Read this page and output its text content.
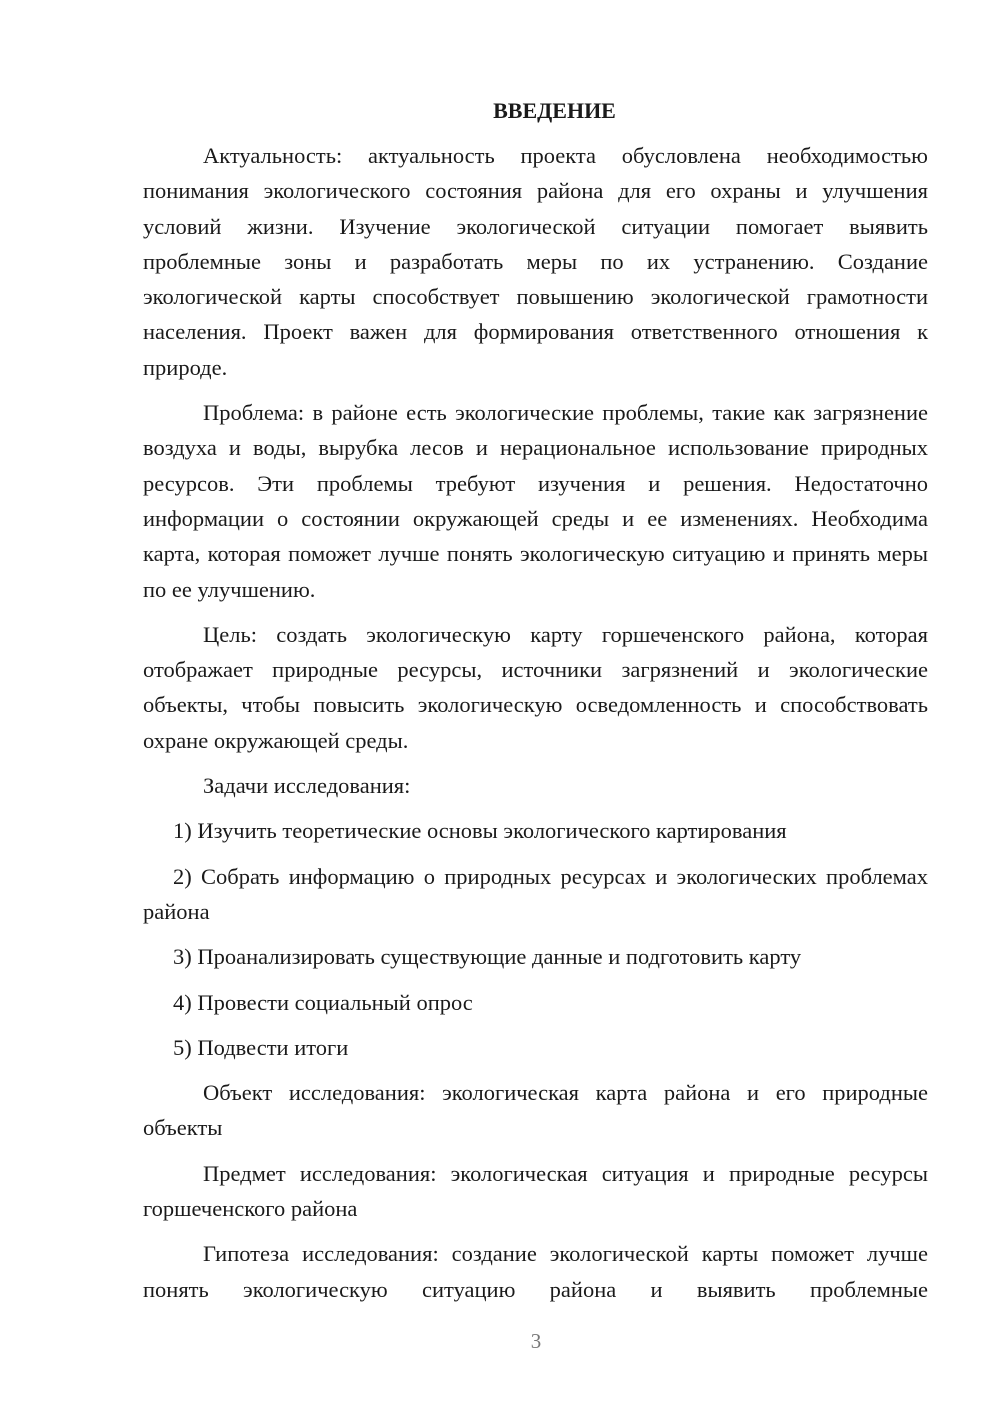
ВВЕДЕНИЕ

Актуальность: актуальность проекта обусловлена необходимостью понимания экологического состояния района для его охраны и улучшения условий жизни. Изучение экологической ситуации помогает выявить проблемные зоны и разработать меры по их устранению. Создание экологической карты способствует повышению экологической грамотности населения. Проект важен для формирования ответственного отношения к природе.

Проблема: в районе есть экологические проблемы, такие как загрязнение воздуха и воды, вырубка лесов и нерациональное использование природных ресурсов. Эти проблемы требуют изучения и решения. Недостаточно информации о состоянии окружающей среды и ее изменениях. Необходима карта, которая поможет лучше понять экологическую ситуацию и принять меры по ее улучшению.

Цель: создать экологическую карту горшеченского района, которая отображает природные ресурсы, источники загрязнений и экологические объекты, чтобы повысить экологическую осведомленность и способствовать охране окружающей среды.

Задачи исследования:

1) Изучить теоретические основы экологического картирования

2) Собрать информацию о природных ресурсах и экологических проблемах района

3) Проанализировать существующие данные и подготовить карту

4) Провести социальный опрос

5) Подвести итоги

Объект исследования: экологическая карта района и его природные объекты

Предмет исследования: экологическая ситуация и природные ресурсы горшеченского района

Гипотеза исследования: создание экологической карты поможет лучше понять экологическую ситуацию района и выявить проблемные

3
